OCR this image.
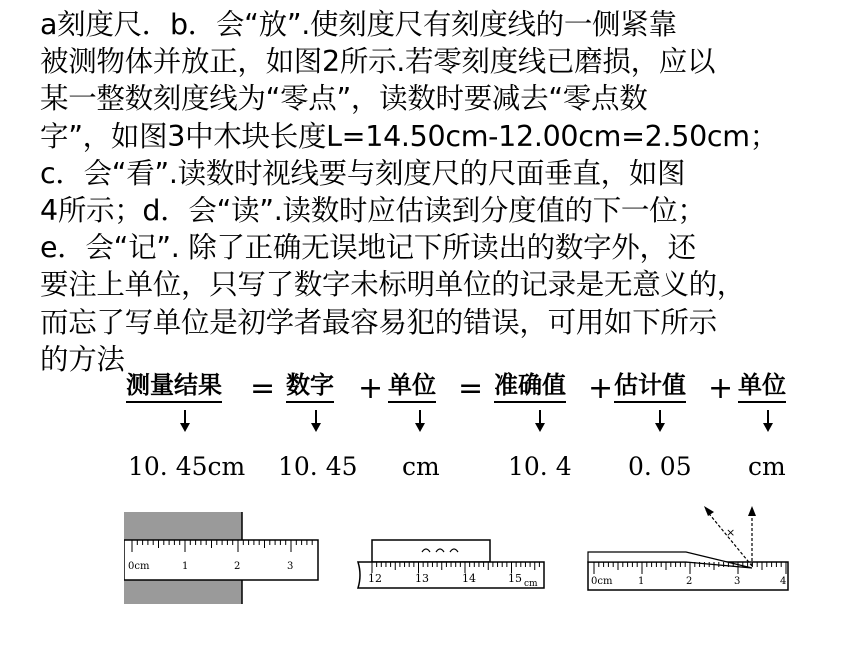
a刻度尺．b．会“放”.使刻度尺有刻度线的一侧紧靠
被测物体并放正，如图2所示.若零刻度线已磨损，应以
某一整数刻度线为“零点”，读数时要减去“零点数
字”，如图3中木块长度L=14.50cm-12.00cm=2.50cm；
c．会“看”.读数时视线要与刻度尺的尺面垂直，如图
4所示；d．会“读”.读数时应估读到分度值的下一位；
e．会“记”. 除了正确无误地记下所读出的数字外，还
要注上单位，只写了数字未标明单位的记录是无意义的，
而忘了写单位是初学者最容易犯的错误，可用如下所示
的方法
测量结果 = 数字 + 单位 = 准确值 + 估计值 + 单位
10. 45cm 10. 45 cm	10. 4 0. 05 cm
0cm	1	2	3
12	13	14	15 cm
×
0cm	1	2	3	4
